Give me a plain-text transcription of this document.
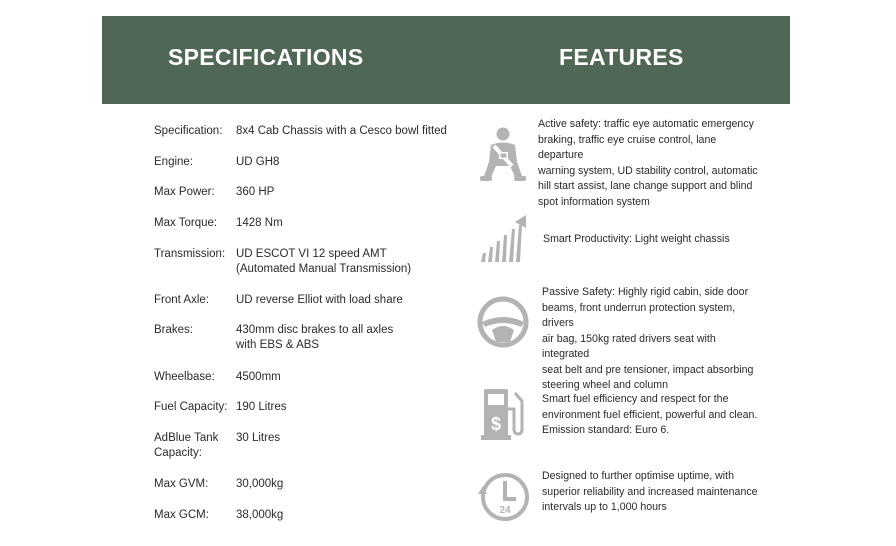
SPECIFICATIONS	FEATURES
Specification:	8x4 Cab Chassis with a Cesco bowl fitted
Engine:	UD GH8
Max Power:	360 HP
Max Torque:	1428 Nm
Transmission: UD ESCOT VI 12 speed AMT
(Automated Manual Transmission)
Front Axle:	UD reverse Elliot with load share
Brakes:	430mm disc brakes to all axles
with EBS & ABS
Wheelbase:	4500mm
Fuel Capacity: 190 Litres
AdBlue Tank
Capacity:
30 Litres
Max GVM:	30,000kg
Max GCM:	38,000kg
Active safety: traffic eye automatic emergency
braking, traffic eye cruise control, lane departure
warning system, UD stability control, automatic
hill start assist, lane change support and blind
spot information system
Smart Productivity: Light weight chassis
Passive Safety: Highly rigid cabin, side door
beams, front underrun protection system, drivers
air bag, 150kg rated drivers seat with integrated
seat belt and pre tensioner, impact absorbing
steering wheel and column
$
Smart fuel efficiency and respect for the
environment fuel efficient, powerful and clean.
Emission standard: Euro 6.
24
Designed to further optimise uptime, with
superior reliability and increased maintenance
intervals up to 1,000 hours
